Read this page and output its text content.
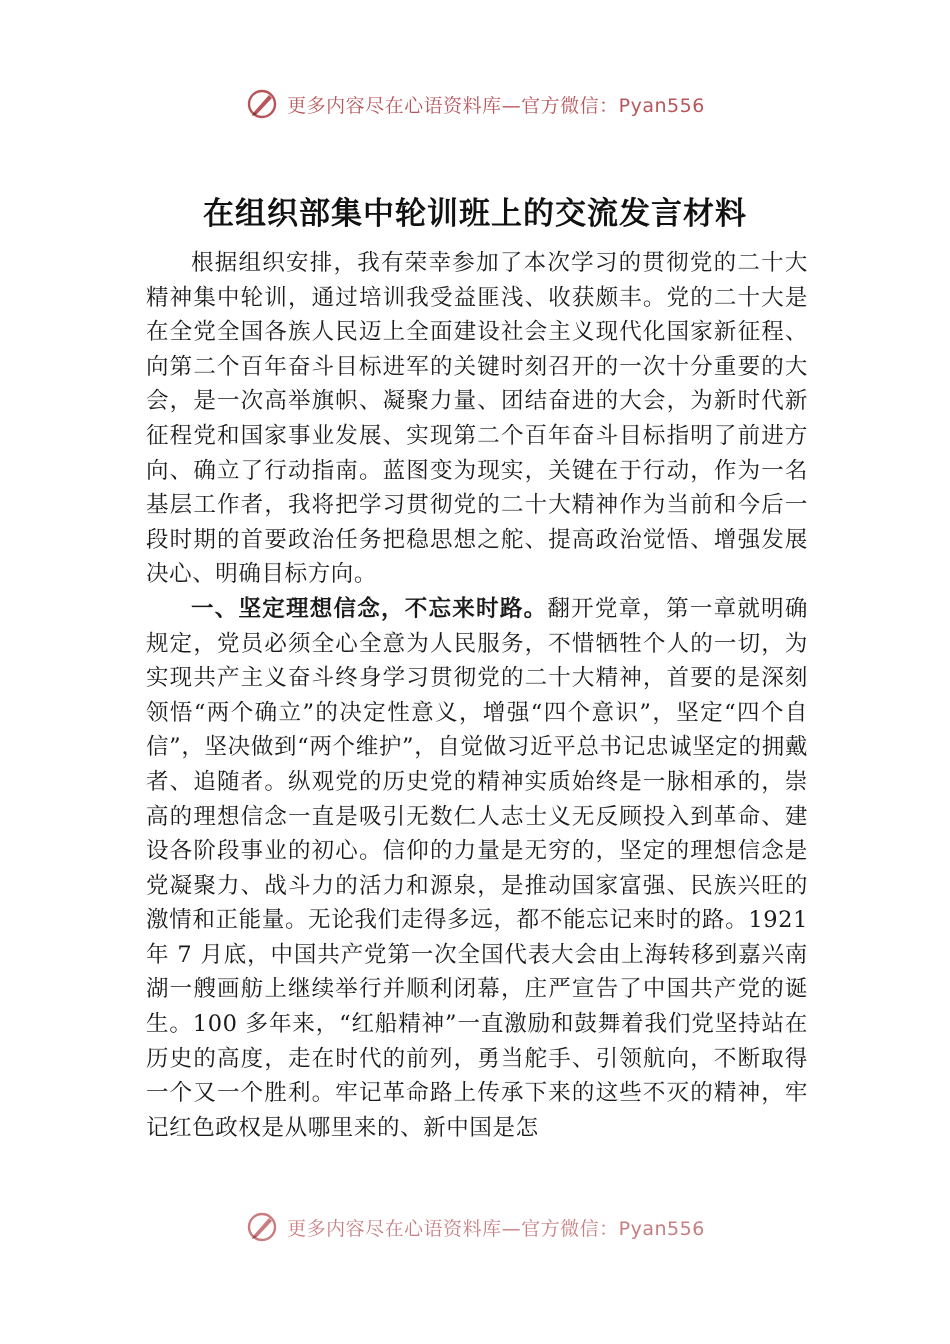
更多内容尽在心语资料库—官方微信：Pyan556
在组织部集中轮训班上的交流发言材料

根据组织安排，我有荣幸参加了本次学习的贯彻党的二十大精神集中轮训，通过培训我受益匪浅、收获颇丰。党的二十大是在全党全国各族人民迈上全面建设社会主义现代化国家新征程、向第二个百年奋斗目标进军的关键时刻召开的一次十分重要的大会，是一次高举旗帜、凝聚力量、团结奋进的大会，为新时代新征程党和国家事业发展、实现第二个百年奋斗目标指明了前进方向、确立了行动指南。蓝图变为现实，关键在于行动，作为一名基层工作者，我将把学习贯彻党的二十大精神作为当前和今后一段时期的首要政治任务把稳思想之舵、提高政治觉悟、增强发展决心、明确目标方向。

一、坚定理想信念，不忘来时路。翻开党章，第一章就明确规定，党员必须全心全意为人民服务，不惜牺牲个人的一切，为实现共产主义奋斗终身学习贯彻党的二十大精神，首要的是深刻领悟“两个确立”的决定性意义，增强“四个意识”，坚定“四个自信”，坚决做到“两个维护”，自觉做习近平总书记忠诚坚定的拥戴者、追随者。纵观党的历史党的精神实质始终是一脉相承的，崇高的理想信念一直是吸引无数仁人志士义无反顾投入到革命、建设各阶段事业的初心。信仰的力量是无穷的，坚定的理想信念是党凝聚力、战斗力的活力和源泉，是推动国家富强、民族兴旺的激情和正能量。无论我们走得多远，都不能忘记来时的路。1921 年 7 月底，中国共产党第一次全国代表大会由上海转移到嘉兴南湖一艘画舫上继续举行并顺利闭幕，庄严宣告了中国共产党的诞生。100 多年来，“红船精神”一直激励和鼓舞着我们党坚持站在历史的高度，走在时代的前列，勇当舵手、引领航向，不断取得一个又一个胜利。牢记革命路上传承下来的这些不灭的精神，牢记红色政权是从哪里来的、新中国是怎

更多内容尽在心语资料库—官方微信：Pyan556
